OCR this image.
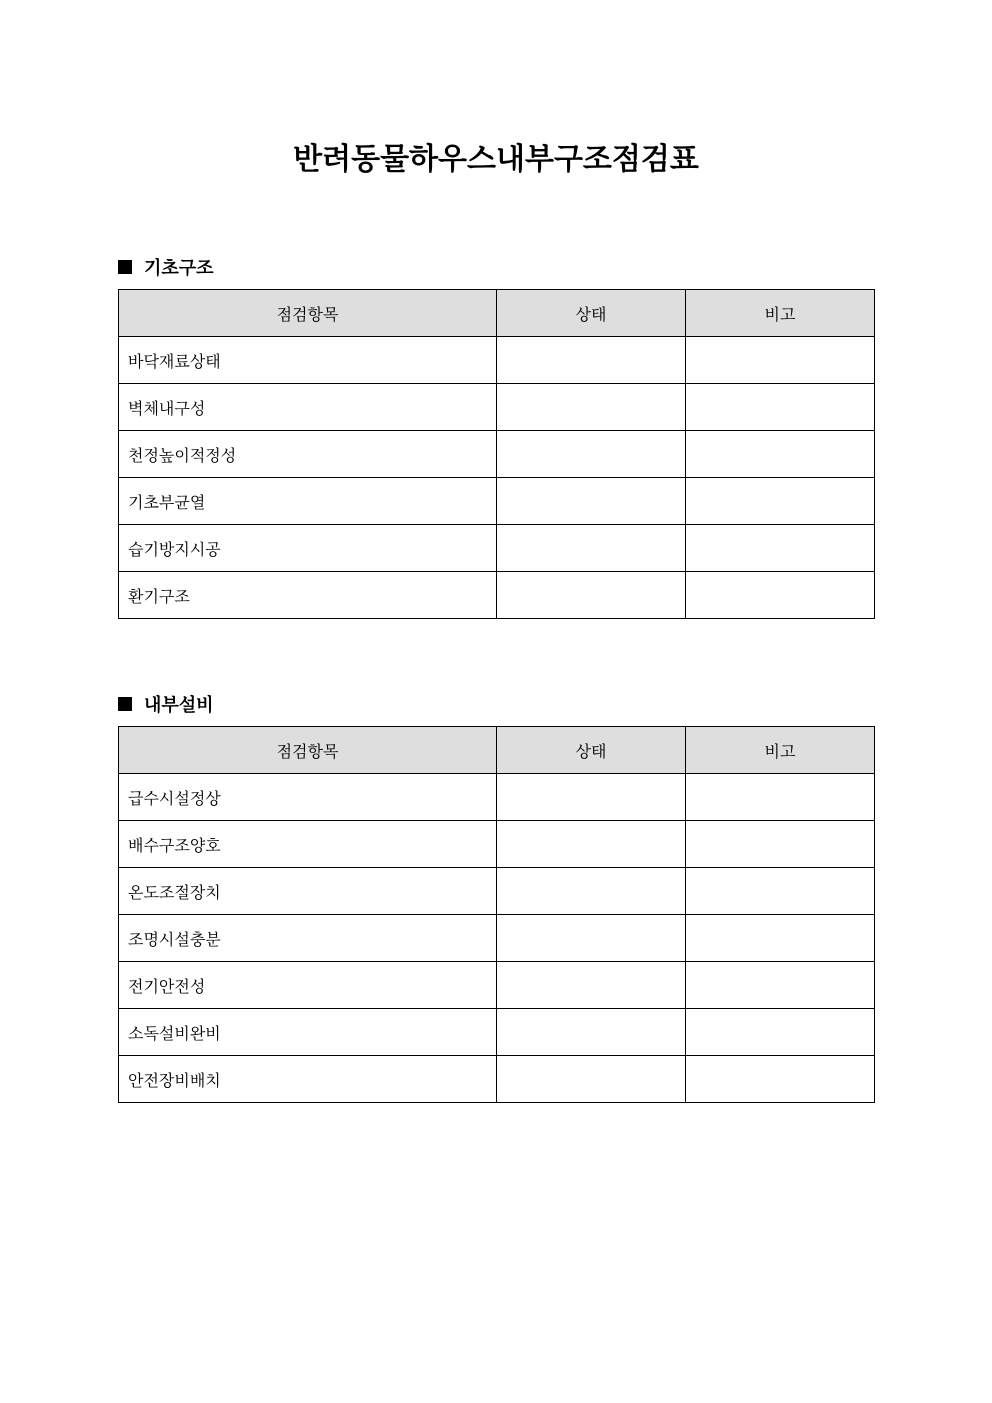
반려동물하우스내부구조점검표
기초구조
점검항목	상태	비고
바닥재료상태		
벽체내구성		
천정높이적정성		
기초부균열		
습기방지시공		
환기구조		
내부설비
점검항목	상태	비고
급수시설정상		
배수구조양호		
온도조절장치		
조명시설충분		
전기안전성		
소독설비완비		
안전장비배치		
